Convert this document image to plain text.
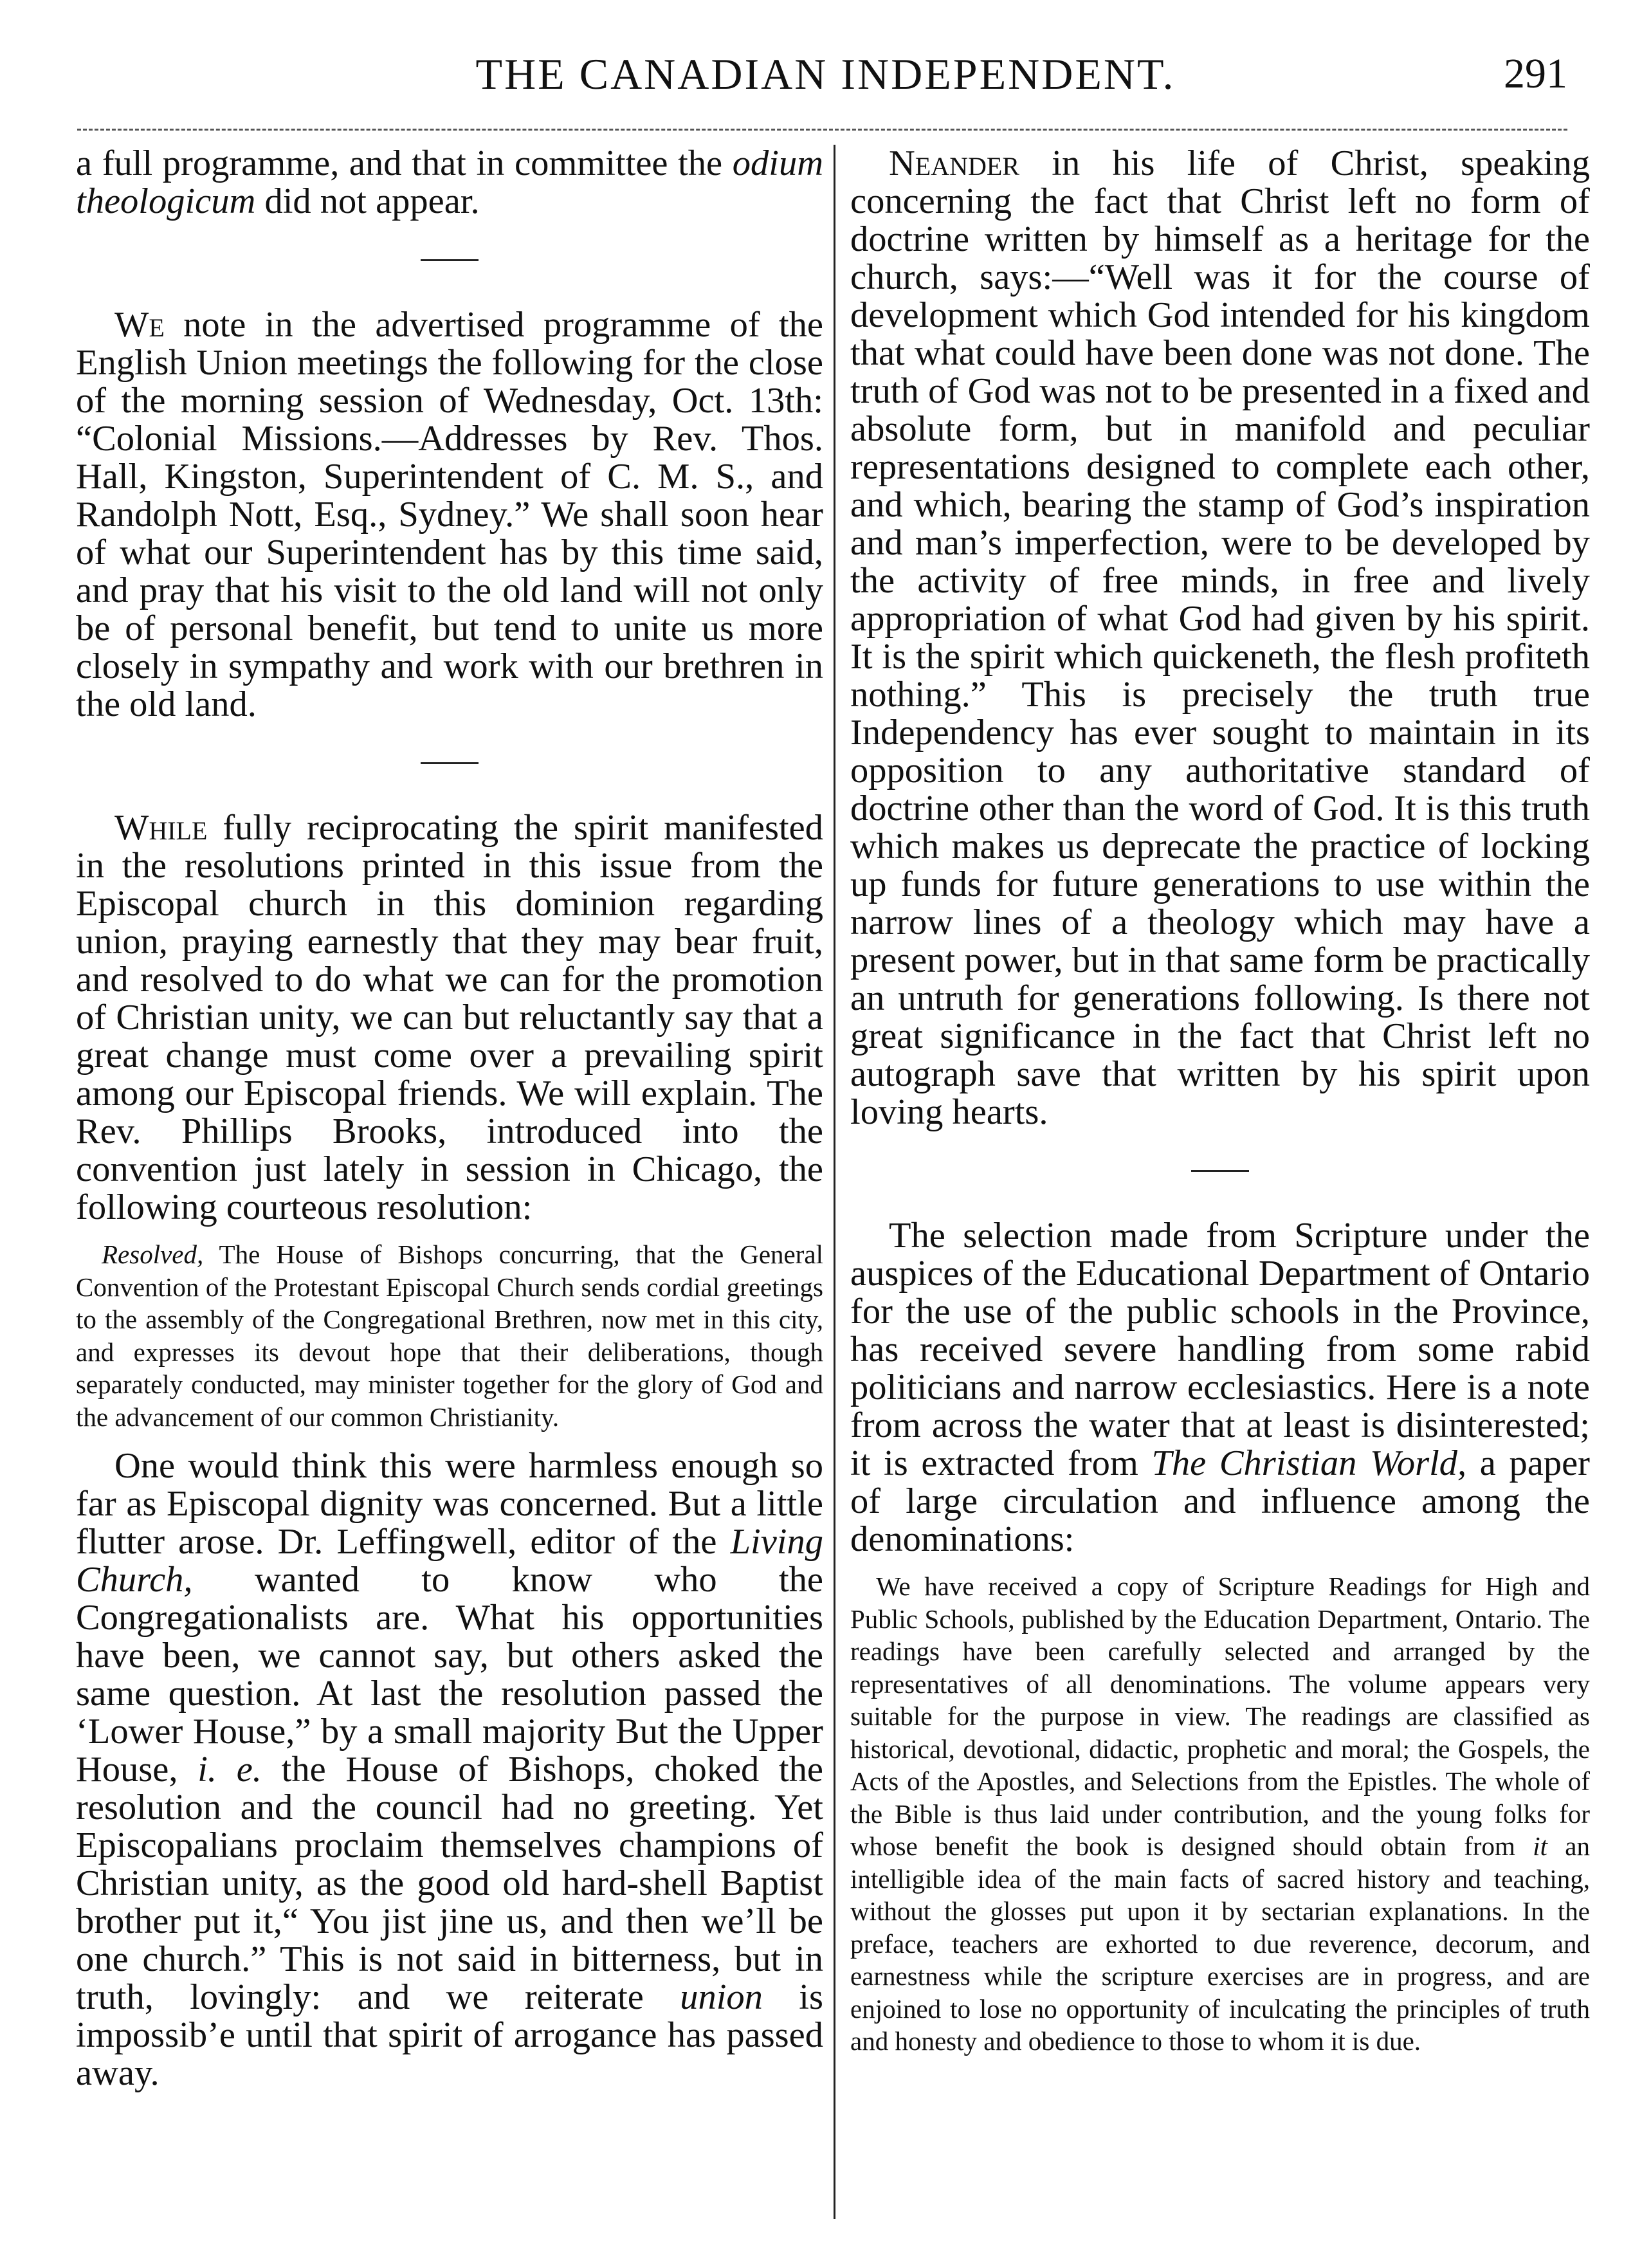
THE CANADIAN INDEPENDENT.	291

a full programme, and that in committee the odium theologicum did not appear.

We note in the advertised programme of the English Union meetings the following for the close of the morning session of Wednesday, Oct. 13th: “Colonial Missions.—Addresses by Rev. Thos. Hall, Kingston, Superintendent of C. M. S., and Randolph Nott, Esq., Sydney.” We shall soon hear of what our Superintendent has by this time said, and pray that his visit to the old land will not only be of personal benefit, but tend to unite us more closely in sympathy and work with our brethren in the old land.

While fully reciprocating the spirit manifested in the resolutions printed in this issue from the Episcopal church in this dominion regarding union, praying earnestly that they may bear fruit, and resolved to do what we can for the promotion of Christian unity, we can but reluctantly say that a great change must come over a prevailing spirit among our Episcopal friends. We will explain. The Rev. Phillips Brooks, introduced into the convention just lately in session in Chicago, the following courteous resolution:

Resolved, The House of Bishops concurring, that the General Convention of the Protestant Episcopal Church sends cordial greetings to the assembly of the Congregational Brethren, now met in this city, and expresses its devout hope that their deliberations, though separately conducted, may minister together for the glory of God and the advancement of our common Christianity.

One would think this were harmless enough so far as Episcopal dignity was concerned. But a little flutter arose. Dr. Leffingwell, editor of the Living Church, wanted to know who the Congregationalists are. What his opportunities have been, we cannot say, but others asked the same question. At last the resolution passed the ‘Lower House,” by a small majority But the Upper House, i. e. the House of Bishops, choked the resolution and the council had no greeting. Yet Episcopalians proclaim themselves champions of Christian unity, as the good old hard-shell Baptist brother put it,“ You jist jine us, and then we’ll be one church.” This is not said in bitterness, but in truth, lovingly: and we reiterate union is impossib’e until that spirit of arrogance has passed away.

Neander in his life of Christ, speaking concerning the fact that Christ left no form of doctrine written by himself as a heritage for the church, says:—“Well was it for the course of development which God intended for his kingdom that what could have been done was not done. The truth of God was not to be presented in a fixed and absolute form, but in manifold and peculiar representations designed to complete each other, and which, bearing the stamp of God’s inspiration and man’s imperfection, were to be developed by the activity of free minds, in free and lively appropriation of what God had given by his spirit. It is the spirit which quickeneth, the flesh profiteth nothing.” This is precisely the truth true Independency has ever sought to maintain in its opposition to any authoritative standard of doctrine other than the word of God. It is this truth which makes us deprecate the practice of locking up funds for future generations to use within the narrow lines of a theology which may have a present power, but in that same form be practically an untruth for generations following. Is there not great significance in the fact that Christ left no autograph save that written by his spirit upon loving hearts.

The selection made from Scripture under the auspices of the Educational Department of Ontario for the use of the public schools in the Province, has received severe handling from some rabid politicians and narrow ecclesiastics. Here is a note from across the water that at least is disinterested; it is extracted from The Christian World, a paper of large circulation and influence among the denominations:

We have received a copy of Scripture Readings for High and Public Schools, published by the Education Department, Ontario. The readings have been carefully selected and arranged by the representatives of all denominations. The volume appears very suitable for the purpose in view. The readings are classified as historical, devotional, didactic, prophetic and moral; the Gospels, the Acts of the Apostles, and Selections from the Epistles. The whole of the Bible is thus laid under contribution, and the young folks for whose benefit the book is designed should obtain from it an intelligible idea of the main facts of sacred history and teaching, without the glosses put upon it by sectarian explanations. In the preface, teachers are exhorted to due reverence, decorum, and earnestness while the scripture exercises are in progress, and are enjoined to lose no opportunity of inculcating the principles of truth and honesty and obedience to those to whom it is due.
